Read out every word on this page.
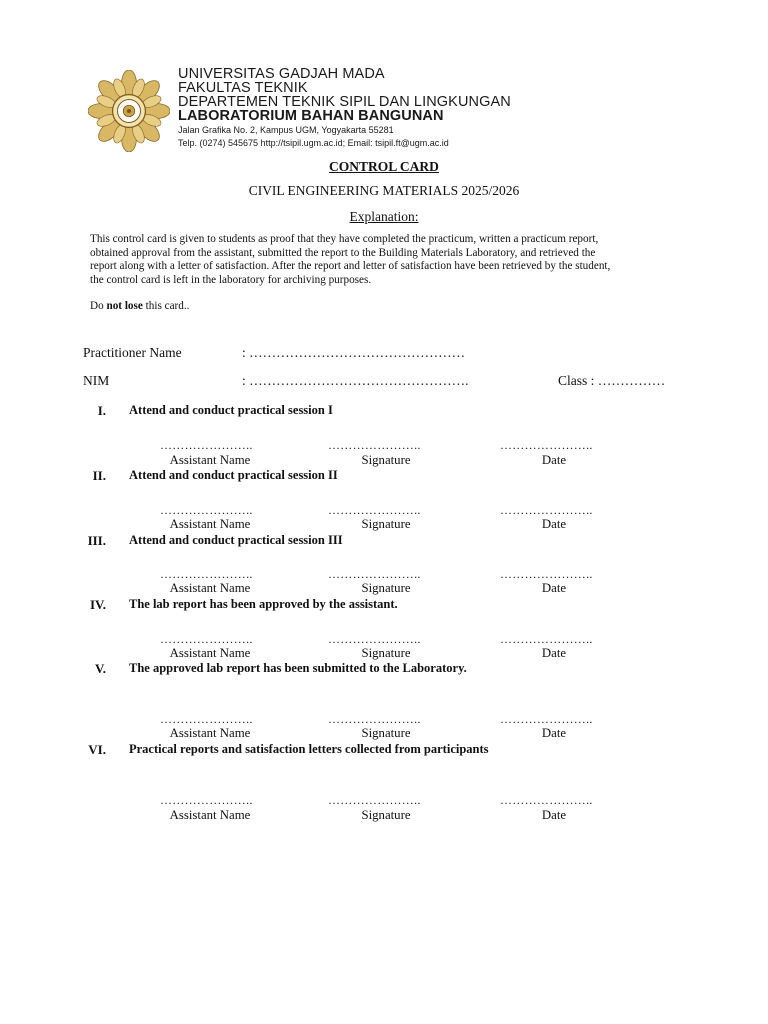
UNIVERSITAS GADJAH MADA
FAKULTAS TEKNIK
DEPARTEMEN TEKNIK SIPIL DAN LINGKUNGAN
LABORATORIUM BAHAN BANGUNAN
Jalan Grafika No. 2, Kampus UGM, Yogyakarta 55281
Telp. (0274) 545675 http://tsipil.ugm.ac.id; Email: tsipil.ft@ugm.ac.id
CONTROL CARD
CIVIL ENGINEERING MATERIALS 2025/2026
Explanation:
This control card is given to students as proof that they have completed the practicum, written a practicum report,
obtained approval from the assistant, submitted the report to the Building Materials Laboratory, and retrieved the
report along with a letter of satisfaction. After the report and letter of satisfaction have been retrieved by the student,
the control card is left in the laboratory for archiving purposes.
Do not lose this card..
Practitioner Name	: …………………………………………
NIM	: ………………………………………….	Class : ……………
I. Attend and conduct practical session I
…………………..	…………………..	…………………..
Assistant Name	Signature	Date
II. Attend and conduct practical session II
…………………..	…………………..	…………………..
Assistant Name	Signature	Date
III. Attend and conduct practical session III
…………………..	…………………..	…………………..
Assistant Name	Signature	Date
IV. The lab report has been approved by the assistant.
…………………..	…………………..	…………………..
Assistant Name	Signature	Date
V. The approved lab report has been submitted to the Laboratory.
…………………..	…………………..	…………………..
Assistant Name	Signature	Date
VI. Practical reports and satisfaction letters collected from participants
…………………..	…………………..	…………………..
Assistant Name	Signature	Date
